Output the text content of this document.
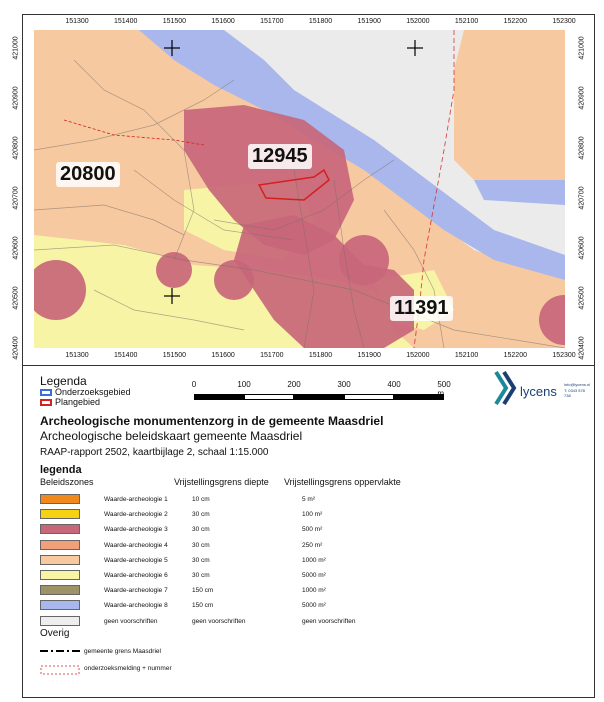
151300
151300
151400
151400
151500
151500
151600
151600
151700
151700
151800
151800
151900
151900
152000
152000
152100
152100
152200
152200
152300
152300
421000	421000
420900	420900
420800	420800
420700	420700
420600	420600
420500	420500
420400	420400
20800
12945
11391
Legenda
Onderzoeksgebied
Plangebied
0	100	200	300	400	500	lycens info@lycens.nl
T: 0343 578 738
Archeologische monumentenzorg in de gemeente Maasdriel
Archeologische beleidskaart gemeente Maasdriel
RAAP-rapport 2502, kaartbijlage 2, schaal 1:15.000
legenda
Beleidszones	Vrijstellingsgrens diepte Vrijstellingsgrens oppervlakte
Waarde-archeologie 1	10 cm	5 m²
Waarde-archeologie 2	30 cm	100 m²
Waarde-archeologie 3	30 cm	500 m²
Waarde-archeologie 4	30 cm	250 m²
Waarde-archeologie 5	30 cm	1000 m²
Waarde-archeologie 6	30 cm	5000 m²
Waarde-archeologie 7	150 cm	1000 m²
Waarde-archeologie 8	150 cm	5000 m²
geen voorschriften	geen voorschriften	geen voorschriften
Overig
gemeente grens Maasdriel
onderzoeksmelding + nummer
